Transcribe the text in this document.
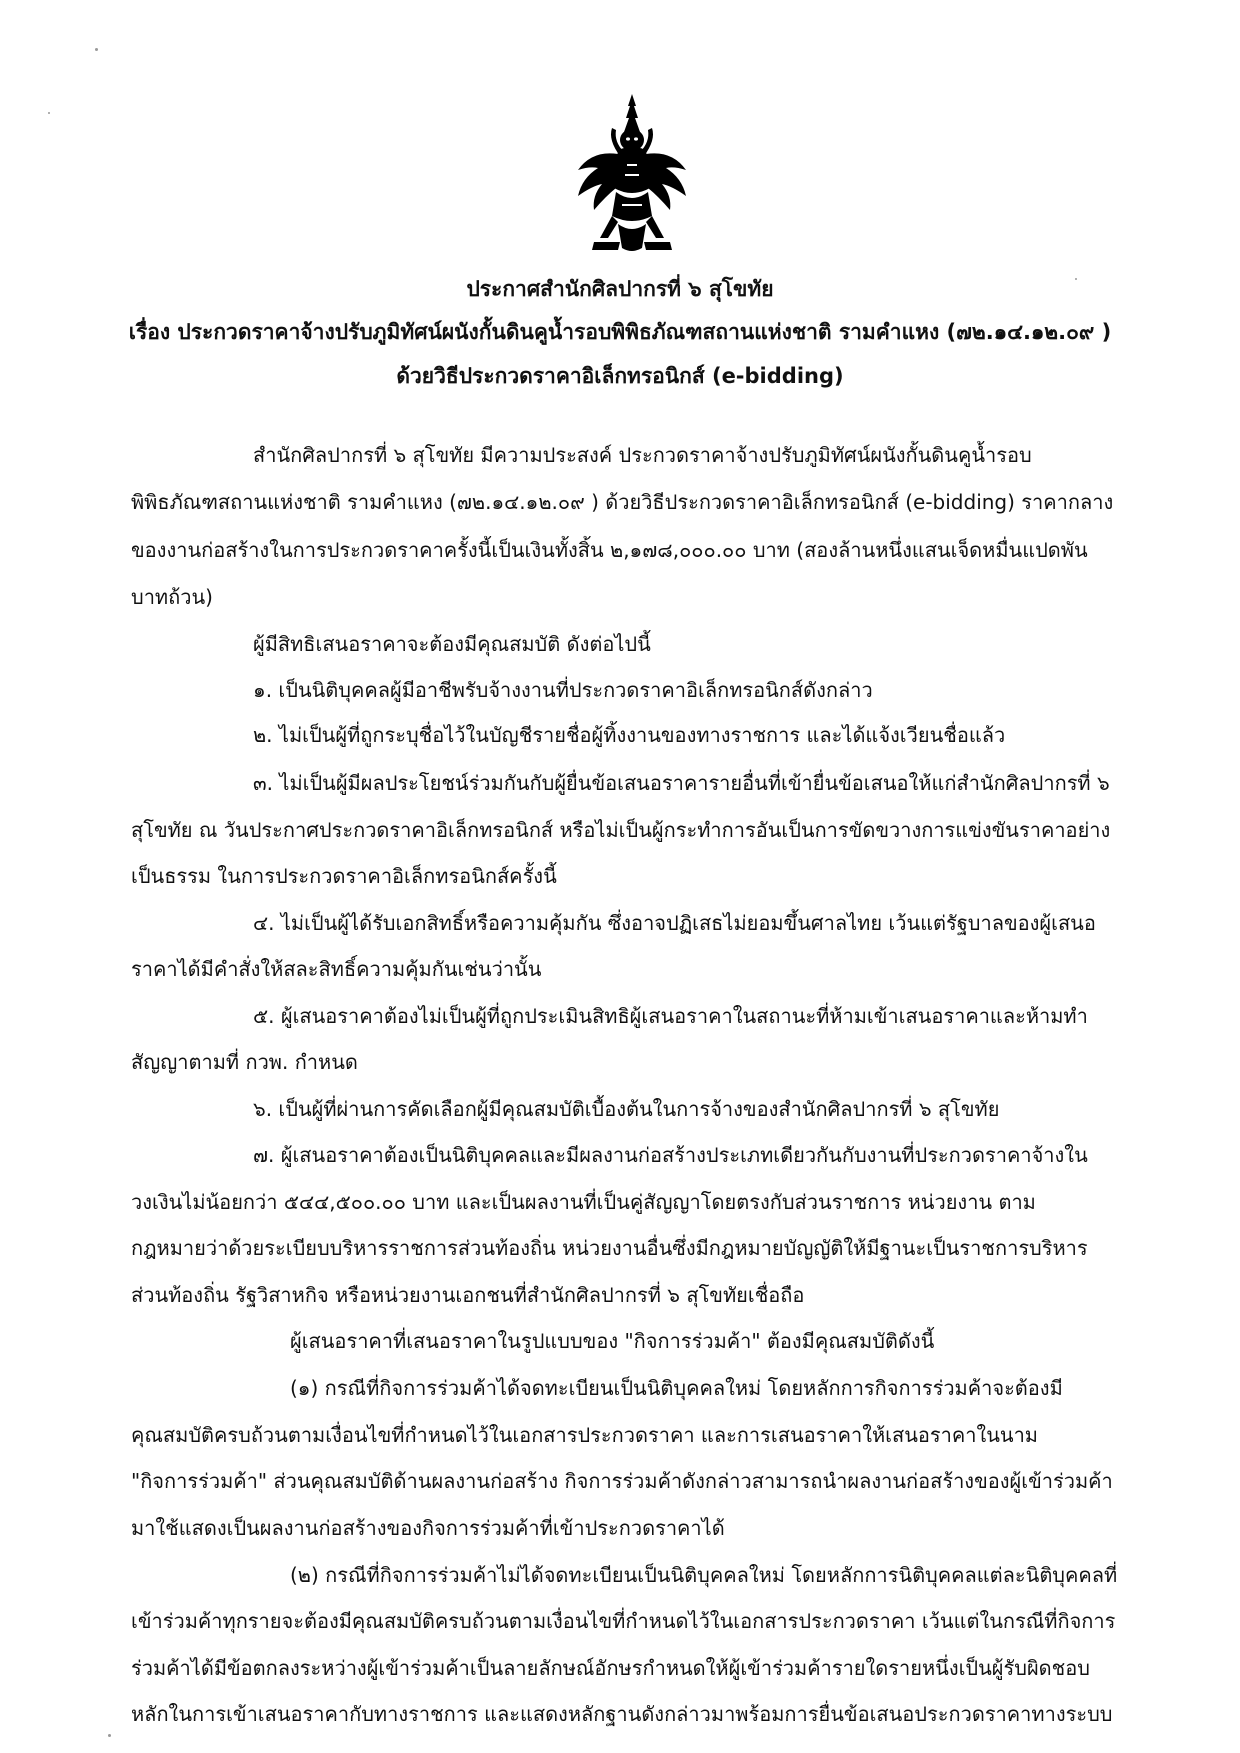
ประกาศสำนักศิลปากรที่ ๖ สุโขทัย
เรื่อง ประกวดราคาจ้างปรับภูมิทัศน์ผนังกั้นดินคูน้ำรอบพิพิธภัณฑสถานแห่งชาติ รามคำแหง (๗๒.๑๔.๑๒.๐๙ )
ด้วยวิธีประกวดราคาอิเล็กทรอนิกส์ (e-bidding)
สำนักศิลปากรที่ ๖ สุโขทัย มีความประสงค์ ประกวดราคาจ้างปรับภูมิทัศน์ผนังกั้นดินคูน้ำรอบ
พิพิธภัณฑสถานแห่งชาติ รามคำแหง (๗๒.๑๔.๑๒.๐๙ ) ด้วยวิธีประกวดราคาอิเล็กทรอนิกส์ (e-bidding) ราคากลาง
ของงานก่อสร้างในการประกวดราคาครั้งนี้เป็นเงินทั้งสิ้น ๒,๑๗๘,๐๐๐.๐๐ บาท (สองล้านหนึ่งแสนเจ็ดหมื่นแปดพัน
บาทถ้วน)
ผู้มีสิทธิเสนอราคาจะต้องมีคุณสมบัติ ดังต่อไปนี้
๑. เป็นนิติบุคคลผู้มีอาชีพรับจ้างงานที่ประกวดราคาอิเล็กทรอนิกส์ดังกล่าว
๒. ไม่เป็นผู้ที่ถูกระบุชื่อไว้ในบัญชีรายชื่อผู้ทิ้งงานของทางราชการ และได้แจ้งเวียนชื่อแล้ว
๓. ไม่เป็นผู้มีผลประโยชน์ร่วมกันกับผู้ยื่นข้อเสนอราคารายอื่นที่เข้ายื่นข้อเสนอให้แก่สำนักศิลปากรที่ ๖
สุโขทัย ณ วันประกาศประกวดราคาอิเล็กทรอนิกส์ หรือไม่เป็นผู้กระทำการอันเป็นการขัดขวางการแข่งขันราคาอย่าง
เป็นธรรม ในการประกวดราคาอิเล็กทรอนิกส์ครั้งนี้
๔. ไม่เป็นผู้ได้รับเอกสิทธิ์หรือความคุ้มกัน ซึ่งอาจปฏิเสธไม่ยอมขึ้นศาลไทย เว้นแต่รัฐบาลของผู้เสนอ
ราคาได้มีคำสั่งให้สละสิทธิ์ความคุ้มกันเช่นว่านั้น
๕. ผู้เสนอราคาต้องไม่เป็นผู้ที่ถูกประเมินสิทธิผู้เสนอราคาในสถานะที่ห้ามเข้าเสนอราคาและห้ามทำ
สัญญาตามที่ กวพ. กำหนด
๖. เป็นผู้ที่ผ่านการคัดเลือกผู้มีคุณสมบัติเบื้องต้นในการจ้างของสำนักศิลปากรที่ ๖ สุโขทัย
๗. ผู้เสนอราคาต้องเป็นนิติบุคคลและมีผลงานก่อสร้างประเภทเดียวกันกับงานที่ประกวดราคาจ้างใน
วงเงินไม่น้อยกว่า ๕๔๔,๕๐๐.๐๐ บาท และเป็นผลงานที่เป็นคู่สัญญาโดยตรงกับส่วนราชการ หน่วยงาน ตาม
กฎหมายว่าด้วยระเบียบบริหารราชการส่วนท้องถิ่น หน่วยงานอื่นซึ่งมีกฎหมายบัญญัติให้มีฐานะเป็นราชการบริหาร
ส่วนท้องถิ่น รัฐวิสาหกิจ หรือหน่วยงานเอกชนที่สำนักศิลปากรที่ ๖ สุโขทัยเชื่อถือ
ผู้เสนอราคาที่เสนอราคาในรูปแบบของ "กิจการร่วมค้า" ต้องมีคุณสมบัติดังนี้
(๑) กรณีที่กิจการร่วมค้าได้จดทะเบียนเป็นนิติบุคคลใหม่ โดยหลักการกิจการร่วมค้าจะต้องมี
คุณสมบัติครบถ้วนตามเงื่อนไขที่กำหนดไว้ในเอกสารประกวดราคา และการเสนอราคาให้เสนอราคาในนาม
"กิจการร่วมค้า" ส่วนคุณสมบัติด้านผลงานก่อสร้าง กิจการร่วมค้าดังกล่าวสามารถนำผลงานก่อสร้างของผู้เข้าร่วมค้า
มาใช้แสดงเป็นผลงานก่อสร้างของกิจการร่วมค้าที่เข้าประกวดราคาได้
(๒) กรณีที่กิจการร่วมค้าไม่ได้จดทะเบียนเป็นนิติบุคคลใหม่ โดยหลักการนิติบุคคลแต่ละนิติบุคคลที่
เข้าร่วมค้าทุกรายจะต้องมีคุณสมบัติครบถ้วนตามเงื่อนไขที่กำหนดไว้ในเอกสารประกวดราคา เว้นแต่ในกรณีที่กิจการ
ร่วมค้าได้มีข้อตกลงระหว่างผู้เข้าร่วมค้าเป็นลายลักษณ์อักษรกำหนดให้ผู้เข้าร่วมค้ารายใดรายหนึ่งเป็นผู้รับผิดชอบ
หลักในการเข้าเสนอราคากับทางราชการ และแสดงหลักฐานดังกล่าวมาพร้อมการยื่นข้อเสนอประกวดราคาทางระบบ
